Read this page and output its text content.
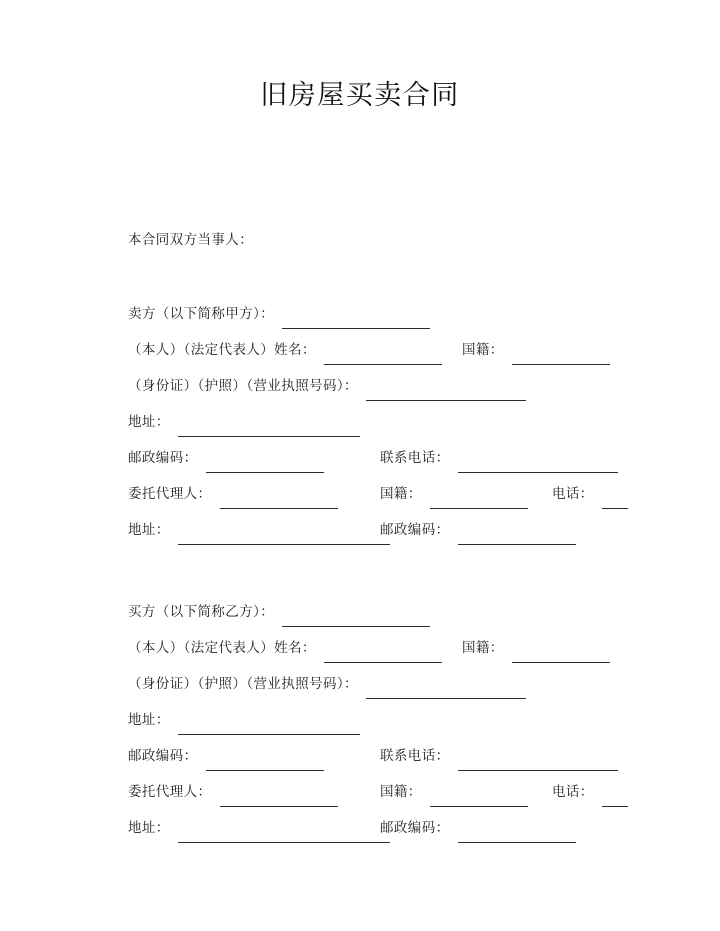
旧房屋买卖合同
本合同双方当事人：
卖方（以下简称甲方）：
（本人）（法定代表人）姓名：	国籍：
（身份证）（护照）（营业执照号码）：
地址：
邮政编码：	联系电话：
委托代理人：	国籍：	电话：
地址：	邮政编码：
买方（以下简称乙方）：
（本人）（法定代表人）姓名：	国籍：
（身份证）（护照）（营业执照号码）：
地址：
邮政编码：	联系电话：
委托代理人：	国籍：	电话：
地址：	邮政编码：
